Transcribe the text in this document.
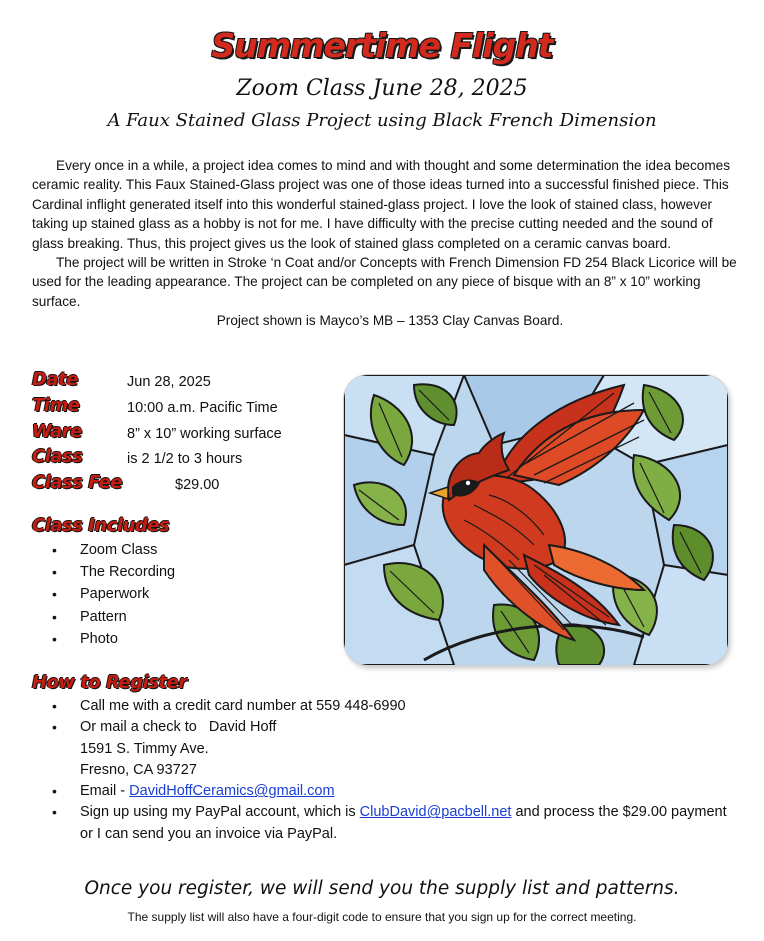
Summertime Flight
Zoom Class June 28, 2025
A Faux Stained Glass Project using Black French Dimension

Every once in a while, a project idea comes to mind and with thought and some determination the idea becomes ceramic reality. This Faux Stained-Glass project was one of those ideas turned into a successful finished piece. This Cardinal inflight generated itself into this wonderful stained-glass project. I love the look of stained class, however taking up stained glass as a hobby is not for me. I have difficulty with the precise cutting needed and the sound of glass breaking. Thus, this project gives us the look of stained glass completed on a ceramic canvas board.

The project will be written in Stroke ‘n Coat and/or Concepts with French Dimension FD 254 Black Licorice will be used for the leading appearance. The project can be completed on any piece of bisque with an 8” x 10” working surface.

Project shown is Mayco’s MB – 1353 Clay Canvas Board.

Date	Jun 28, 2025
Time	10:00 a.m. Pacific Time
Ware	8” x 10” working surface
Class	is 2 1/2 to 3 hours
Class Fee	$29.00
Class Includes
• Zoom Class
• The Recording
• Paperwork
• Pattern
• Photo
How to Register
• Call me with a credit card number at 559 448-6990
• Or mail a check to   David Hoff
1591 S. Timmy Ave.
Fresno, CA 93727
• Email - DavidHoffCeramics@gmail.com
• Sign up using my PayPal account, which is ClubDavid@pacbell.net and process the $29.00 payment or I can send you an invoice via PayPal.
Once you register, we will send you the supply list and patterns.
The supply list will also have a four-digit code to ensure that you sign up for the correct meeting.
